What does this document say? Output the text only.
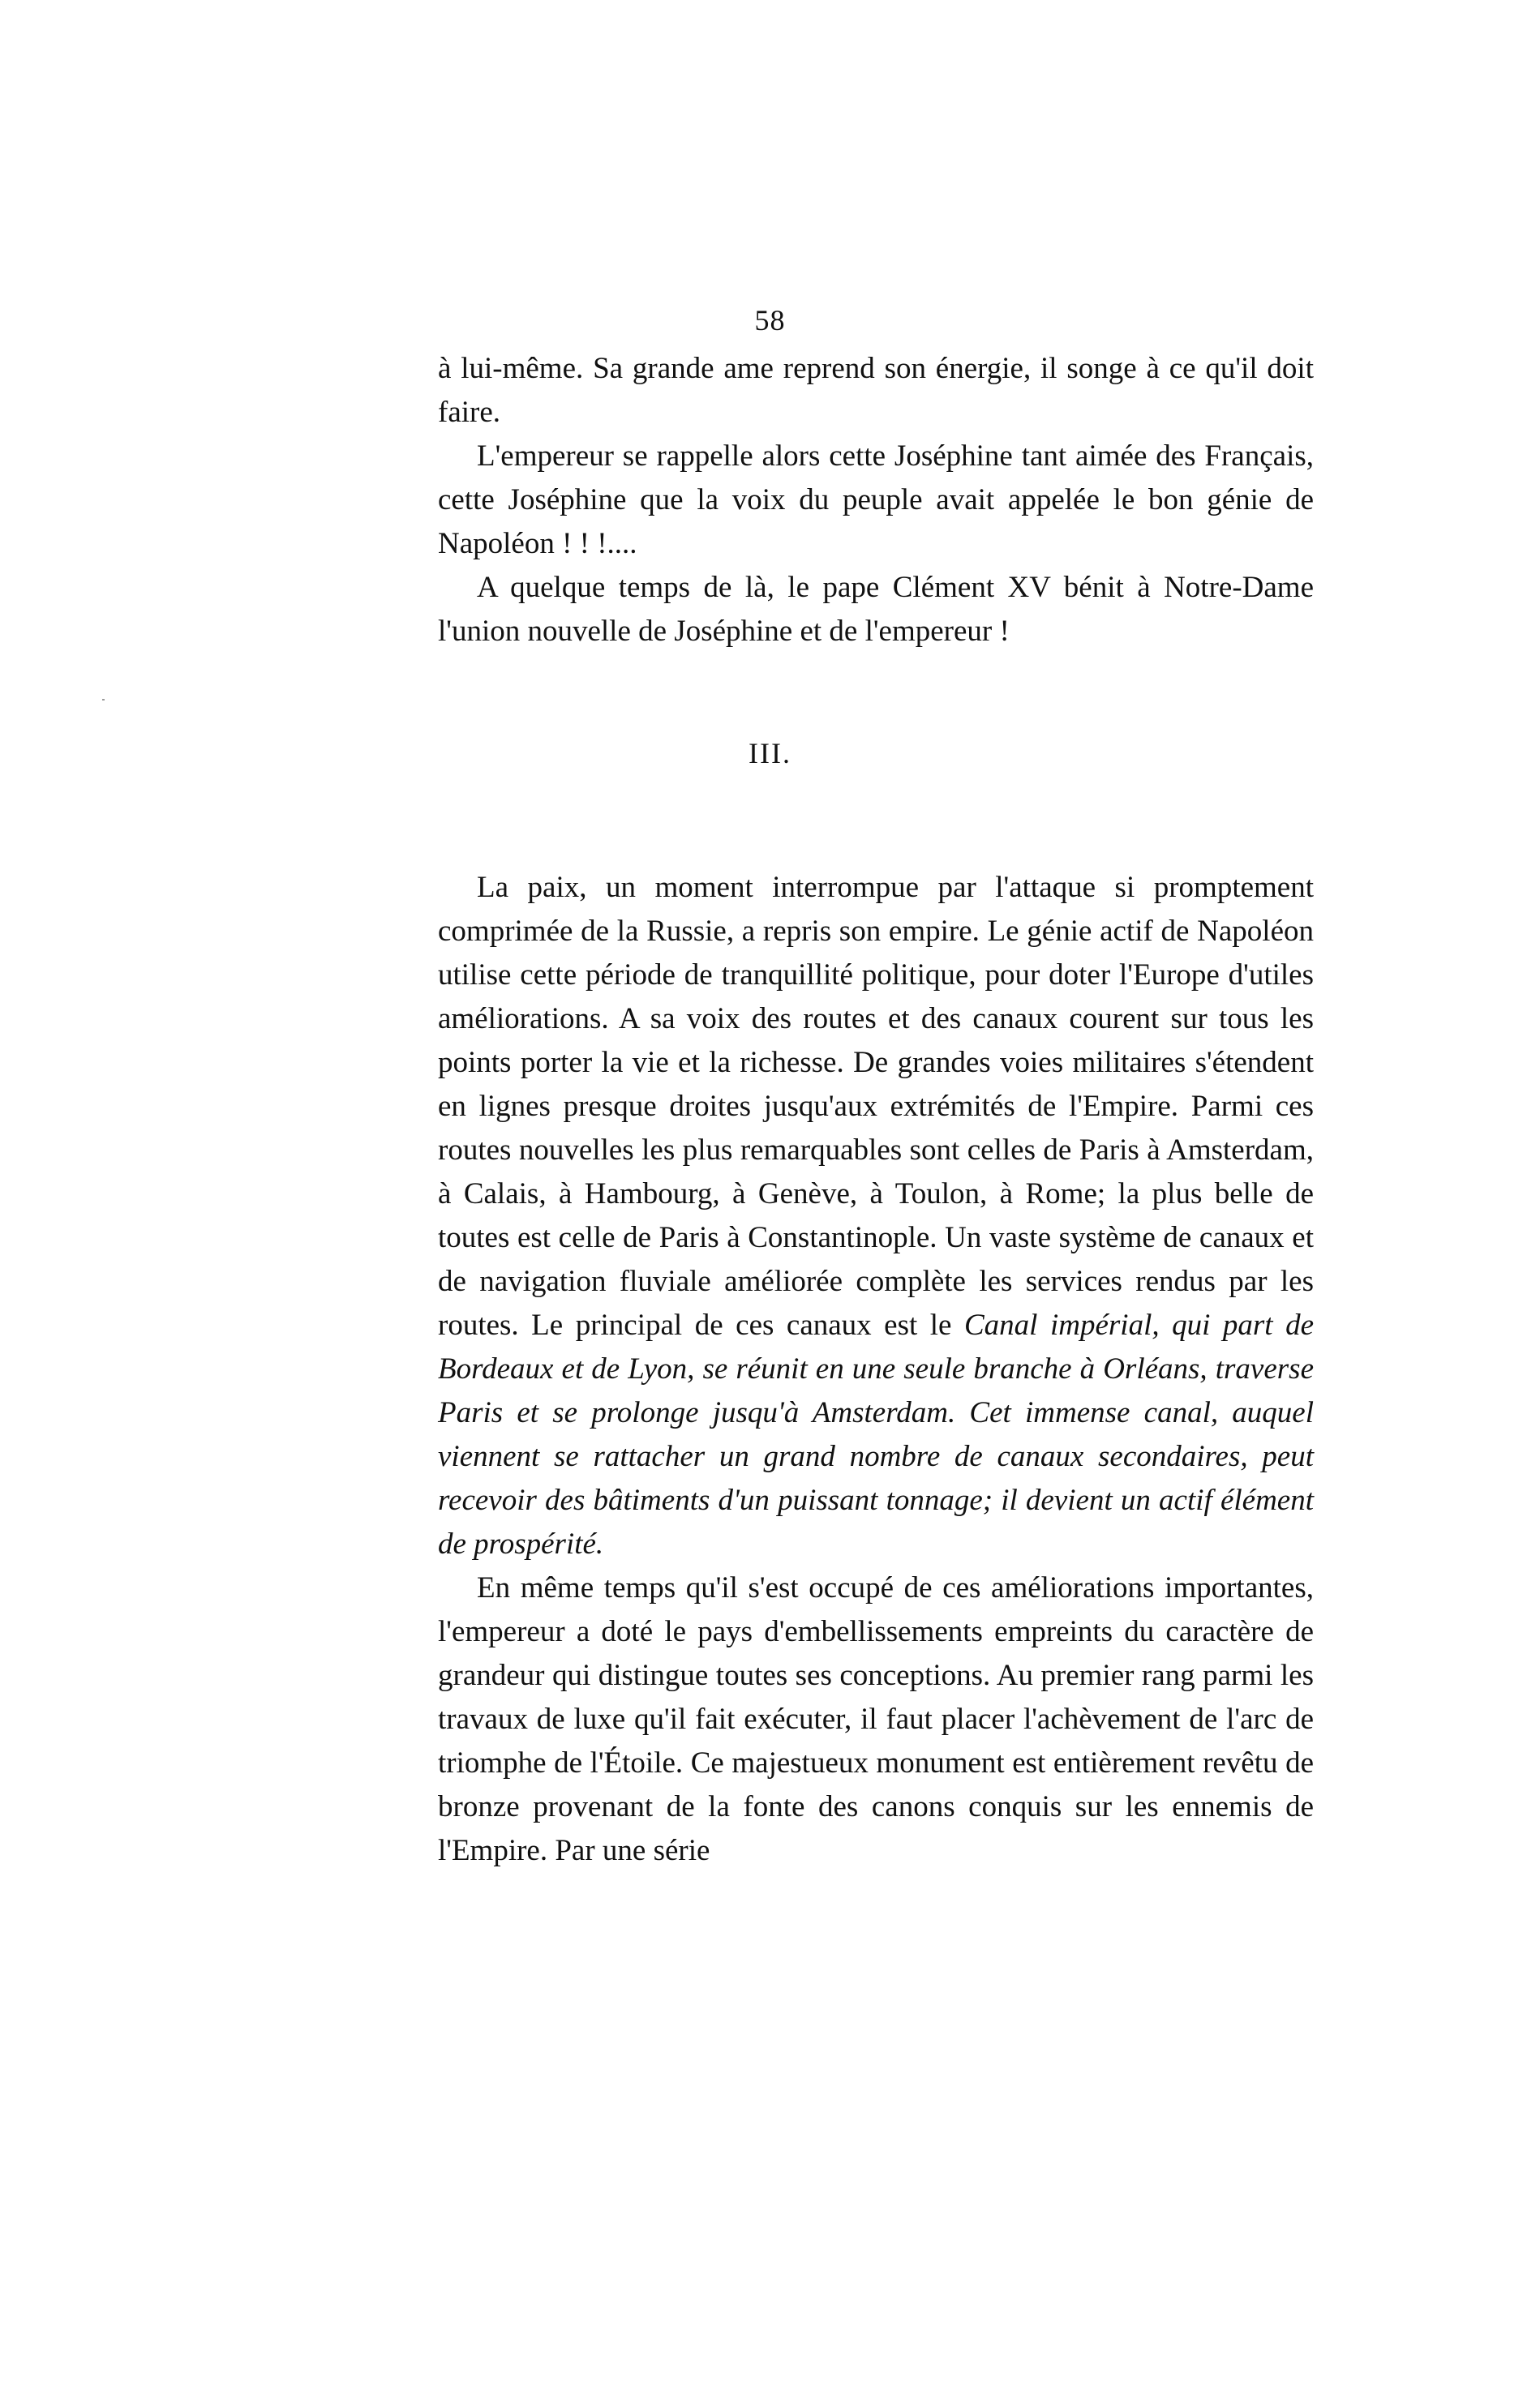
58

à lui-même. Sa grande ame reprend son énergie, il songe à ce qu'il doit faire.

L'empereur se rappelle alors cette Joséphine tant aimée des Français, cette Joséphine que la voix du peuple avait appelée le bon génie de Napoléon ! ! !....

A quelque temps de là, le pape Clément XV bénit à Notre-Dame l'union nouvelle de Joséphine et de l'empereur !

III.

La paix, un moment interrompue par l'attaque si promptement comprimée de la Russie, a repris son empire. Le génie actif de Napoléon utilise cette période de tranquillité politique, pour doter l'Europe d'utiles améliorations. A sa voix des routes et des canaux courent sur tous les points porter la vie et la richesse. De grandes voies militaires s'étendent en lignes presque droites jusqu'aux extrémités de l'Empire. Parmi ces routes nouvelles les plus remarquables sont celles de Paris à Amsterdam, à Calais, à Hambourg, à Genève, à Toulon, à Rome; la plus belle de toutes est celle de Paris à Constantinople. Un vaste système de canaux et de navigation fluviale améliorée complète les services rendus par les routes. Le principal de ces canaux est le Canal impérial, qui part de Bordeaux et de Lyon, se réunit en une seule branche à Orléans, traverse Paris et se prolonge jusqu'à Amsterdam. Cet immense canal, auquel viennent se rattacher un grand nombre de canaux secondaires, peut recevoir des bâtiments d'un puissant tonnage; il devient un actif élément de prospérité.

En même temps qu'il s'est occupé de ces améliorations importantes, l'empereur a doté le pays d'embellissements empreints du caractère de grandeur qui distingue toutes ses conceptions. Au premier rang parmi les travaux de luxe qu'il fait exécuter, il faut placer l'achèvement de l'arc de triomphe de l'Étoile. Ce majestueux monument est entièrement revêtu de bronze provenant de la fonte des canons conquis sur les ennemis de l'Empire. Par une série
